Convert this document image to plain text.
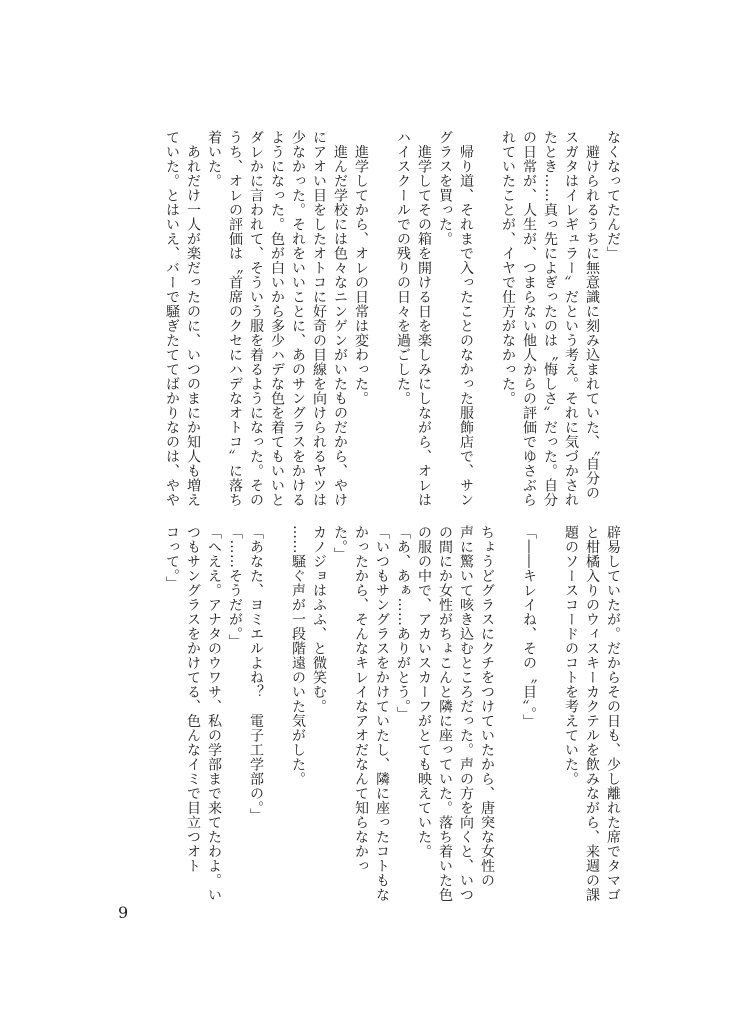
なくなってたんだ」
　避けられるうちに無意識に刻み込まれていた、〝自分の
スガタはイレギュラー〟だという考え。それに気づかされ
たとき……真っ先によぎったのは〝悔しさ〟だった。自分
の日常が、人生が、つまらない他人からの評価でゆさぶら
れていたことが、イヤで仕方がなかった。

　帰り道、それまで入ったことのなかった服飾店で、サン
グラスを買った。
　進学してその箱を開ける日を楽しみにしながら、オレは
ハイスクールでの残りの日々を過ごした。

　進学してから、オレの日常は変わった。
　進んだ学校には色々なニンゲンがいたものだから、やけ
にアオい目をしたオトコに好奇の目線を向けられるヤツは
少なかった。それをいいことに、あのサングラスをかける
ようになった。色が白いから多少ハデな色を着てもいいと
ダレかに言われて、そういう服を着るようになった。その
うち、オレの評価は〝首席のクセにハデなオトコ〟に落ち
着いた。
　あれだけ一人が楽だったのに、いつのまにか知人も増え
ていた。とはいえ、バーで騒ぎたててばかりなのは、やや
辟易していたが。だからその日も、少し離れた席でタマゴ
と柑橘入りのウィスキーカクテルを飲みながら、来週の課
題のソースコードのコトを考えていた。

「――キレイね、その〝目〟。」

ちょうどグラスにクチをつけていたから、唐突な女性の
声に驚いて咳き込むところだった。声の方を向くと、いつ
の間にか女性がちょこんと隣に座っていた。落ち着いた色
の服の中で、アカいスカーフがとても映えていた。
「あ、あぁ……ありがとう。」
「いつもサングラスをかけていたし、隣に座ったコトもな
かったから、そんなキレイなアオだなんて知らなかっ
た。」
カノジョはふふ、と微笑む。
……騒ぐ声が一段階遠のいた気がした。

「あなた、ヨミエルよね？　電子工学部の。」
「……そうだが。」
「へええ。アナタのウワサ、私の学部まで来てたわよ。い
つもサングラスをかけてる、色んなイミで目立つオト
コって。」
9
